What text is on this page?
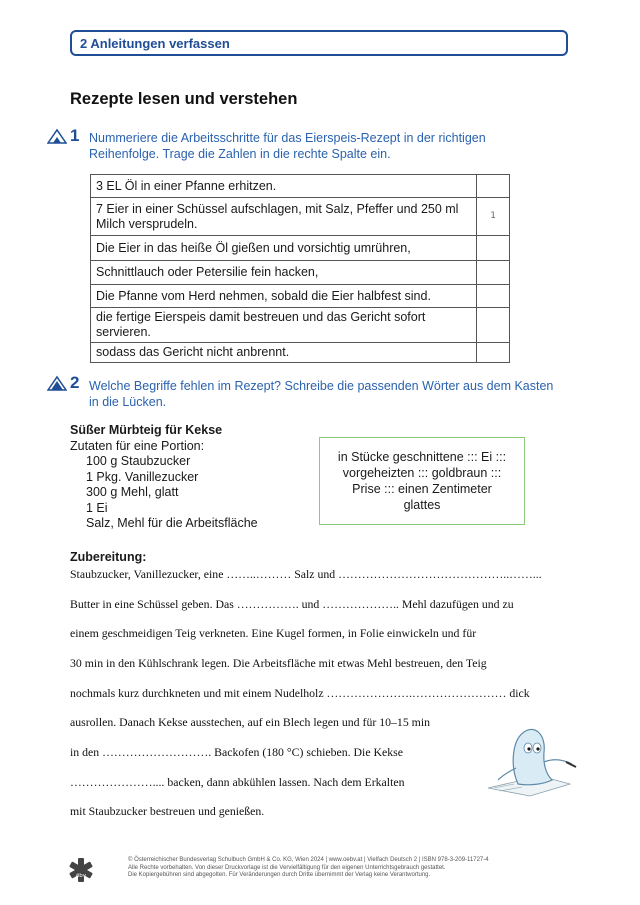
2 Anleitungen verfassen
Rezepte lesen und verstehen
1 Nummeriere die Arbeitsschritte für das Eierspeis-Rezept in der richtigen
Reihenfolge. Trage die Zahlen in die rechte Spalte ein.
3 EL Öl in einer Pfanne erhitzen.	

7 Eier in einer Schüssel aufschlagen, mit Salz, Pfeffer und 250 ml
Milch versprudeln.	1

Die Eier in das heiße Öl gießen und vorsichtig umrühren,	

Schnittlauch oder Petersilie fein hacken,	

Die Pfanne vom Herd nehmen, sobald die Eier halbfest sind.	

die fertige Eierspeis damit bestreuen und das Gericht sofort
servieren.	

sodass das Gericht nicht anbrennt.	

2 Welche Begriffe fehlen im Rezept? Schreibe die passenden Wörter aus dem Kasten
in die Lücken.
Süßer Mürbteig für Kekse
Zutaten für eine Portion:
100 g Staubzucker
1 Pkg. Vanillezucker
300 g Mehl, glatt
1 Ei
Salz, Mehl für die Arbeitsfläche
in Stücke geschnittene ::: Ei :::
vorgeheizten ::: goldbraun :::
Prise ::: einen Zentimeter
glattes
Zubereitung:
Staubzucker, Vanillezucker, eine ……..……… Salz und ……………………………………..……...
Butter in eine Schüssel geben. Das ……………. und ……………….. Mehl dazufügen und zu
einem geschmeidigen Teig verkneten. Eine Kugel formen, in Folie einwickeln und für
30 min in den Kühlschrank legen. Die Arbeitsfläche mit etwas Mehl bestreuen, den Teig
nochmals kurz durchkneten und mit einem Nudelholz ………………….…………………… dick
ausrollen. Danach Kekse ausstechen, auf ein Blech legen und für 10–15 min
in den ………………………. Backofen (180 °C) schieben. Die Kekse
………………….... backen, dann abkühlen lassen. Nach dem Erkalten
mit Staubzucker bestreuen und genießen.
öbv
© Österreichischer Bundesverlag Schulbuch GmbH & Co. KG, Wien 2024 | www.oebv.at | Vielfach Deutsch 2 | ISBN 978-3-209-11727-4
Alle Rechte vorbehalten. Von dieser Druckvorlage ist die Vervielfältigung für den eigenen Unterrichtsgebrauch gestattet.
Die Kopiergebühren sind abgegolten. Für Veränderungen durch Dritte übernimmt der Verlag keine Verantwortung.
